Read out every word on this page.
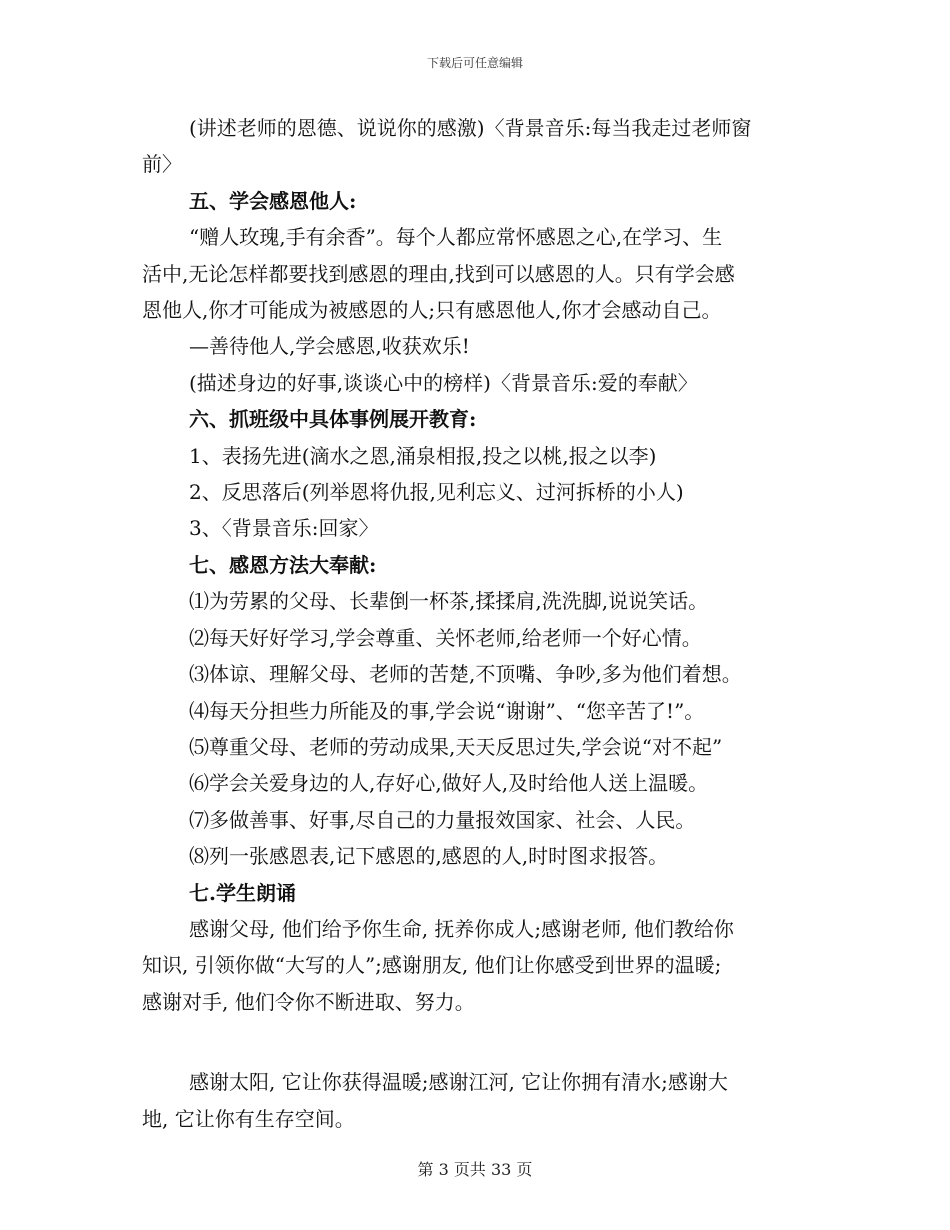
下载后可任意编辑

(讲述老师的恩德、说说你的感激)〈背景音乐:每当我走过老师窗

前〉

五、学会感恩他人:

“赠人玫瑰,手有余香”。每个人都应常怀感恩之心,在学习、生

活中,无论怎样都要找到感恩的理由,找到可以感恩的人。只有学会感

恩他人,你才可能成为被感恩的人;只有感恩他人,你才会感动自己。

—善待他人,学会感恩,收获欢乐!

(描述身边的好事,谈谈心中的榜样)〈背景音乐:爱的奉献〉

六、抓班级中具体事例展开教育:

1、表扬先进(滴水之恩,涌泉相报,投之以桃,报之以李)

2、反思落后(列举恩将仇报,见利忘义、过河拆桥的小人)

3、〈背景音乐:回家〉

七、感恩方法大奉献:

⑴为劳累的父母、长辈倒一杯茶,揉揉肩,洗洗脚,说说笑话。

⑵每天好好学习,学会尊重、关怀老师,给老师一个好心情。

⑶体谅、理解父母、老师的苦楚,不顶嘴、争吵,多为他们着想。

⑷每天分担些力所能及的事,学会说“谢谢”、“您辛苦了!”。

⑸尊重父母、老师的劳动成果,天天反思过失,学会说“对不起”

⑹学会关爱身边的人,存好心,做好人,及时给他人送上温暖。

⑺多做善事、好事,尽自己的力量报效国家、社会、人民。

⑻列一张感恩表,记下感恩的,感恩的人,时时图求报答。

七.学生朗诵

感谢父母, 他们给予你生命, 抚养你成人;感谢老师, 他们教给你

知识, 引领你做“大写的人”;感谢朋友, 他们让你感受到世界的温暖;

感谢对手, 他们令你不断进取、努力。

感谢太阳, 它让你获得温暖;感谢江河, 它让你拥有清水;感谢大

地, 它让你有生存空间。

第 3 页共 33 页
